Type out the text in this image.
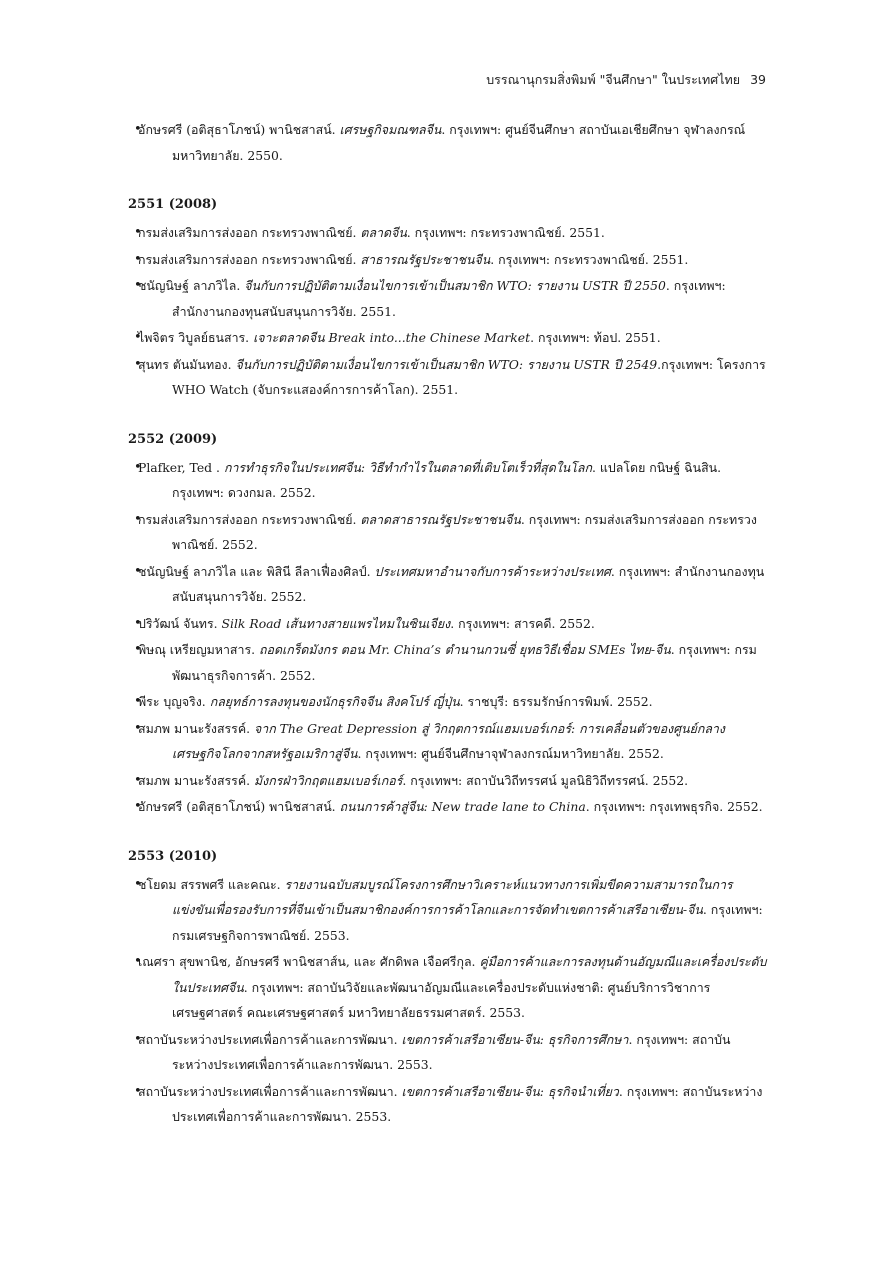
บรรณานุกรมสิ่งพิมพ์ "จีนศึกษา" ในประเทศไทย 39
• อักษรศรี (อติสุธาโภชน์) พานิชสาสน์. เศรษฐกิจมณฑลจีน. กรุงเทพฯ: ศูนย์จีนศึกษา สถาบันเอเชียศึกษา จุฬาลงกรณ์มหาวิทยาลัย. 2550.
2551 (2008)
• กรมส่งเสริมการส่งออก กระทรวงพาณิชย์. ตลาดจีน. กรุงเทพฯ: กระทรวงพาณิชย์. 2551.
• กรมส่งเสริมการส่งออก กระทรวงพาณิชย์. สาธารณรัฐประชาชนจีน. กรุงเทพฯ: กระทรวงพาณิชย์. 2551.
• ชนัญนิษฐ์ ลาภวิไล. จีนกับการปฏิบัติตามเงื่อนไขการเข้าเป็นสมาชิก WTO: รายงาน USTR ปี 2550. กรุงเทพฯ: สำนักงานกองทุนสนับสนุนการวิจัย. 2551.
• ไพจิตร วิบูลย์ธนสาร. เจาะตลาดจีน Break into...the Chinese Market. กรุงเทพฯ: ท้อป. 2551.
• สุนทร ตันมันทอง. จีนกับการปฏิบัติตามเงื่อนไขการเข้าเป็นสมาชิก WTO: รายงาน USTR ปี 2549.กรุงเทพฯ: โครงการ WHO Watch (จับกระแสองค์การการค้าโลก). 2551.
2552 (2009)
• Plafker, Ted . การทำธุรกิจในประเทศจีน: วิธีทำกำไรในตลาดที่เติบโตเร็วที่สุดในโลก. แปลโดย กนิษฐ์ ฉินสิน. กรุงเทพฯ: ดวงกมล. 2552.
• กรมส่งเสริมการส่งออก กระทรวงพาณิชย์. ตลาดสาธารณรัฐประชาชนจีน. กรุงเทพฯ: กรมส่งเสริมการส่งออก กระทรวงพาณิชย์. 2552.
• ชนัญนิษฐ์ ลาภวิไล และ พิสินี ลีลาเฟื่องศิลป์. ประเทศมหาอำนาจกับการค้าระหว่างประเทศ. กรุงเทพฯ: สำนักงานกองทุนสนับสนุนการวิจัย. 2552.
• ปริวัฒน์ จันทร. Silk Road เส้นทางสายแพรไหมในซินเจียง. กรุงเทพฯ: สารคดี. 2552.
• พิษณุ เหรียญมหาสาร. ถอดเกร็ดมังกร ตอน Mr. China’s ตำนานกวนซี่ ยุทธวิธีเชื่อม SMEs ไทย-จีน. กรุงเทพฯ: กรมพัฒนาธุรกิจการค้า. 2552.
• พีระ บุญจริง. กลยุทธ์การลงทุนของนักธุรกิจจีน สิงคโปร์ ญี่ปุ่น. ราชบุรี: ธรรมรักษ์การพิมพ์. 2552.
• สมภพ มานะรังสรรค์. จาก The Great Depression สู่ วิกฤตการณ์แฮมเบอร์เกอร์: การเคลื่อนตัวของศูนย์กลางเศรษฐกิจโลกจากสหรัฐอเมริกาสู่จีน. กรุงเทพฯ: ศูนย์จีนศึกษาจุฬาลงกรณ์มหาวิทยาลัย. 2552.
• สมภพ มานะรังสรรค์. มังกรฝ่าวิกฤตแฮมเบอร์เกอร์. กรุงเทพฯ: สถาบันวิถีทรรศน์ มูลนิธิวิถีทรรศน์. 2552.
• อักษรศรี (อติสุธาโภชน์) พานิชสาสน์. ถนนการค้าสู่จีน: New trade lane to China. กรุงเทพฯ: กรุงเทพธุรกิจ. 2552.
2553 (2010)
• ชโยดม สรรพศรี และคณะ. รายงานฉบับสมบูรณ์โครงการศึกษาวิเคราะห์แนวทางการเพิ่มขีดความสามารถในการแข่งขันเพื่อรองรับการที่จีนเข้าเป็นสมาชิกองค์การการค้าโลกและการจัดทำเขตการค้าเสรีอาเซียน-จีน. กรุงเทพฯ: กรมเศรษฐกิจการพาณิชย์. 2553.
• เณศรา สุขพานิช, อักษรศรี พานิชสาส์น, และ ศักดิพล เจือศรีกุล. คู่มือการค้าและการลงทุนด้านอัญมณีและเครื่องประดับในประเทศจีน. กรุงเทพฯ: สถาบันวิจัยและพัฒนาอัญมณีและเครื่องประดับแห่งชาติ: ศูนย์บริการวิชาการเศรษฐศาสตร์ คณะเศรษฐศาสตร์ มหาวิทยาลัยธรรมศาสตร์. 2553.
• สถาบันระหว่างประเทศเพื่อการค้าและการพัฒนา. เขตการค้าเสรีอาเซียน-จีน: ธุรกิจการศึกษา. กรุงเทพฯ: สถาบันระหว่างประเทศเพื่อการค้าและการพัฒนา. 2553.
• สถาบันระหว่างประเทศเพื่อการค้าและการพัฒนา. เขตการค้าเสรีอาเซียน-จีน: ธุรกิจนำเที่ยว. กรุงเทพฯ: สถาบันระหว่างประเทศเพื่อการค้าและการพัฒนา. 2553.
